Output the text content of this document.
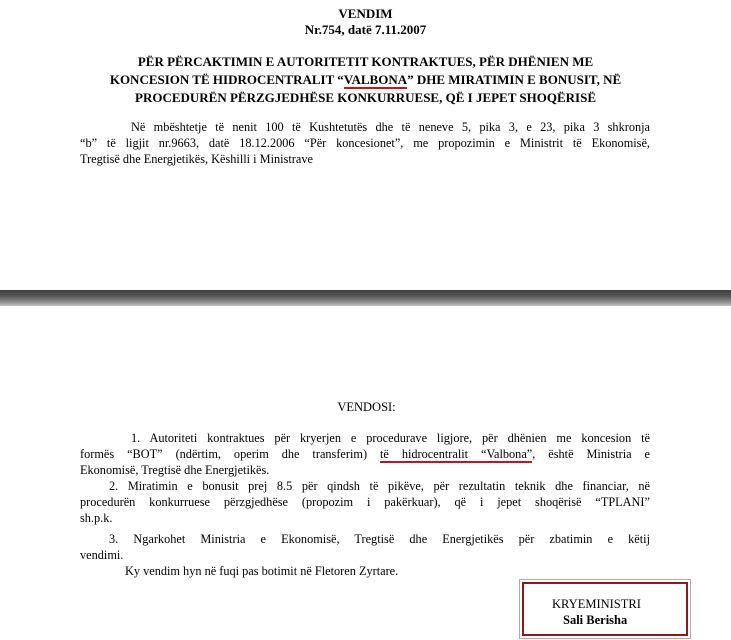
VENDIM
Nr.754, datë 7.11.2007
PËR PËRCAKTIMIN E AUTORITETIT KONTRAKTUES, PËR DHËNIEN ME
KONCESION TË HIDROCENTRALIT “VALBONA” DHE MIRATIMIN E BONUSIT, NË
PROCEDURËN PËRZGJEDHËSE KONKURRUESE, QË I JEPET SHOQËRISË
Në mbështetje të nenit 100 të Kushtetutës dhe të neneve 5, pika 3, e 23, pika 3 shkronja
“b” të ligjit nr.9663, datë 18.12.2006 “Për koncesionet”, me propozimin e Ministrit të Ekonomisë,
Tregtisë dhe Energjetikës, Këshilli i Ministrave
VENDOSI:
1. Autoriteti kontraktues për kryerjen e procedurave ligjore, për dhënien me koncesion të
formës “BOT” (ndërtim, operim dhe transferim) të hidrocentralit “Valbona”, është Ministria e
Ekonomisë, Tregtisë dhe Energjetikës.
2. Miratimin e bonusit prej 8.5 për qindsh të pikëve, për rezultatin teknik dhe financiar, në
procedurën konkurruese përzgjedhëse (propozim i pakërkuar), që i jepet shoqërisë “TPLANI”
sh.p.k.
3. Ngarkohet Ministria e Ekonomisë, Tregtisë dhe Energjetikës për zbatimin e këtij
vendimi.
Ky vendim hyn në fuqi pas botimit në Fletoren Zyrtare.
KRYEMINISTRI
Sali Berisha
